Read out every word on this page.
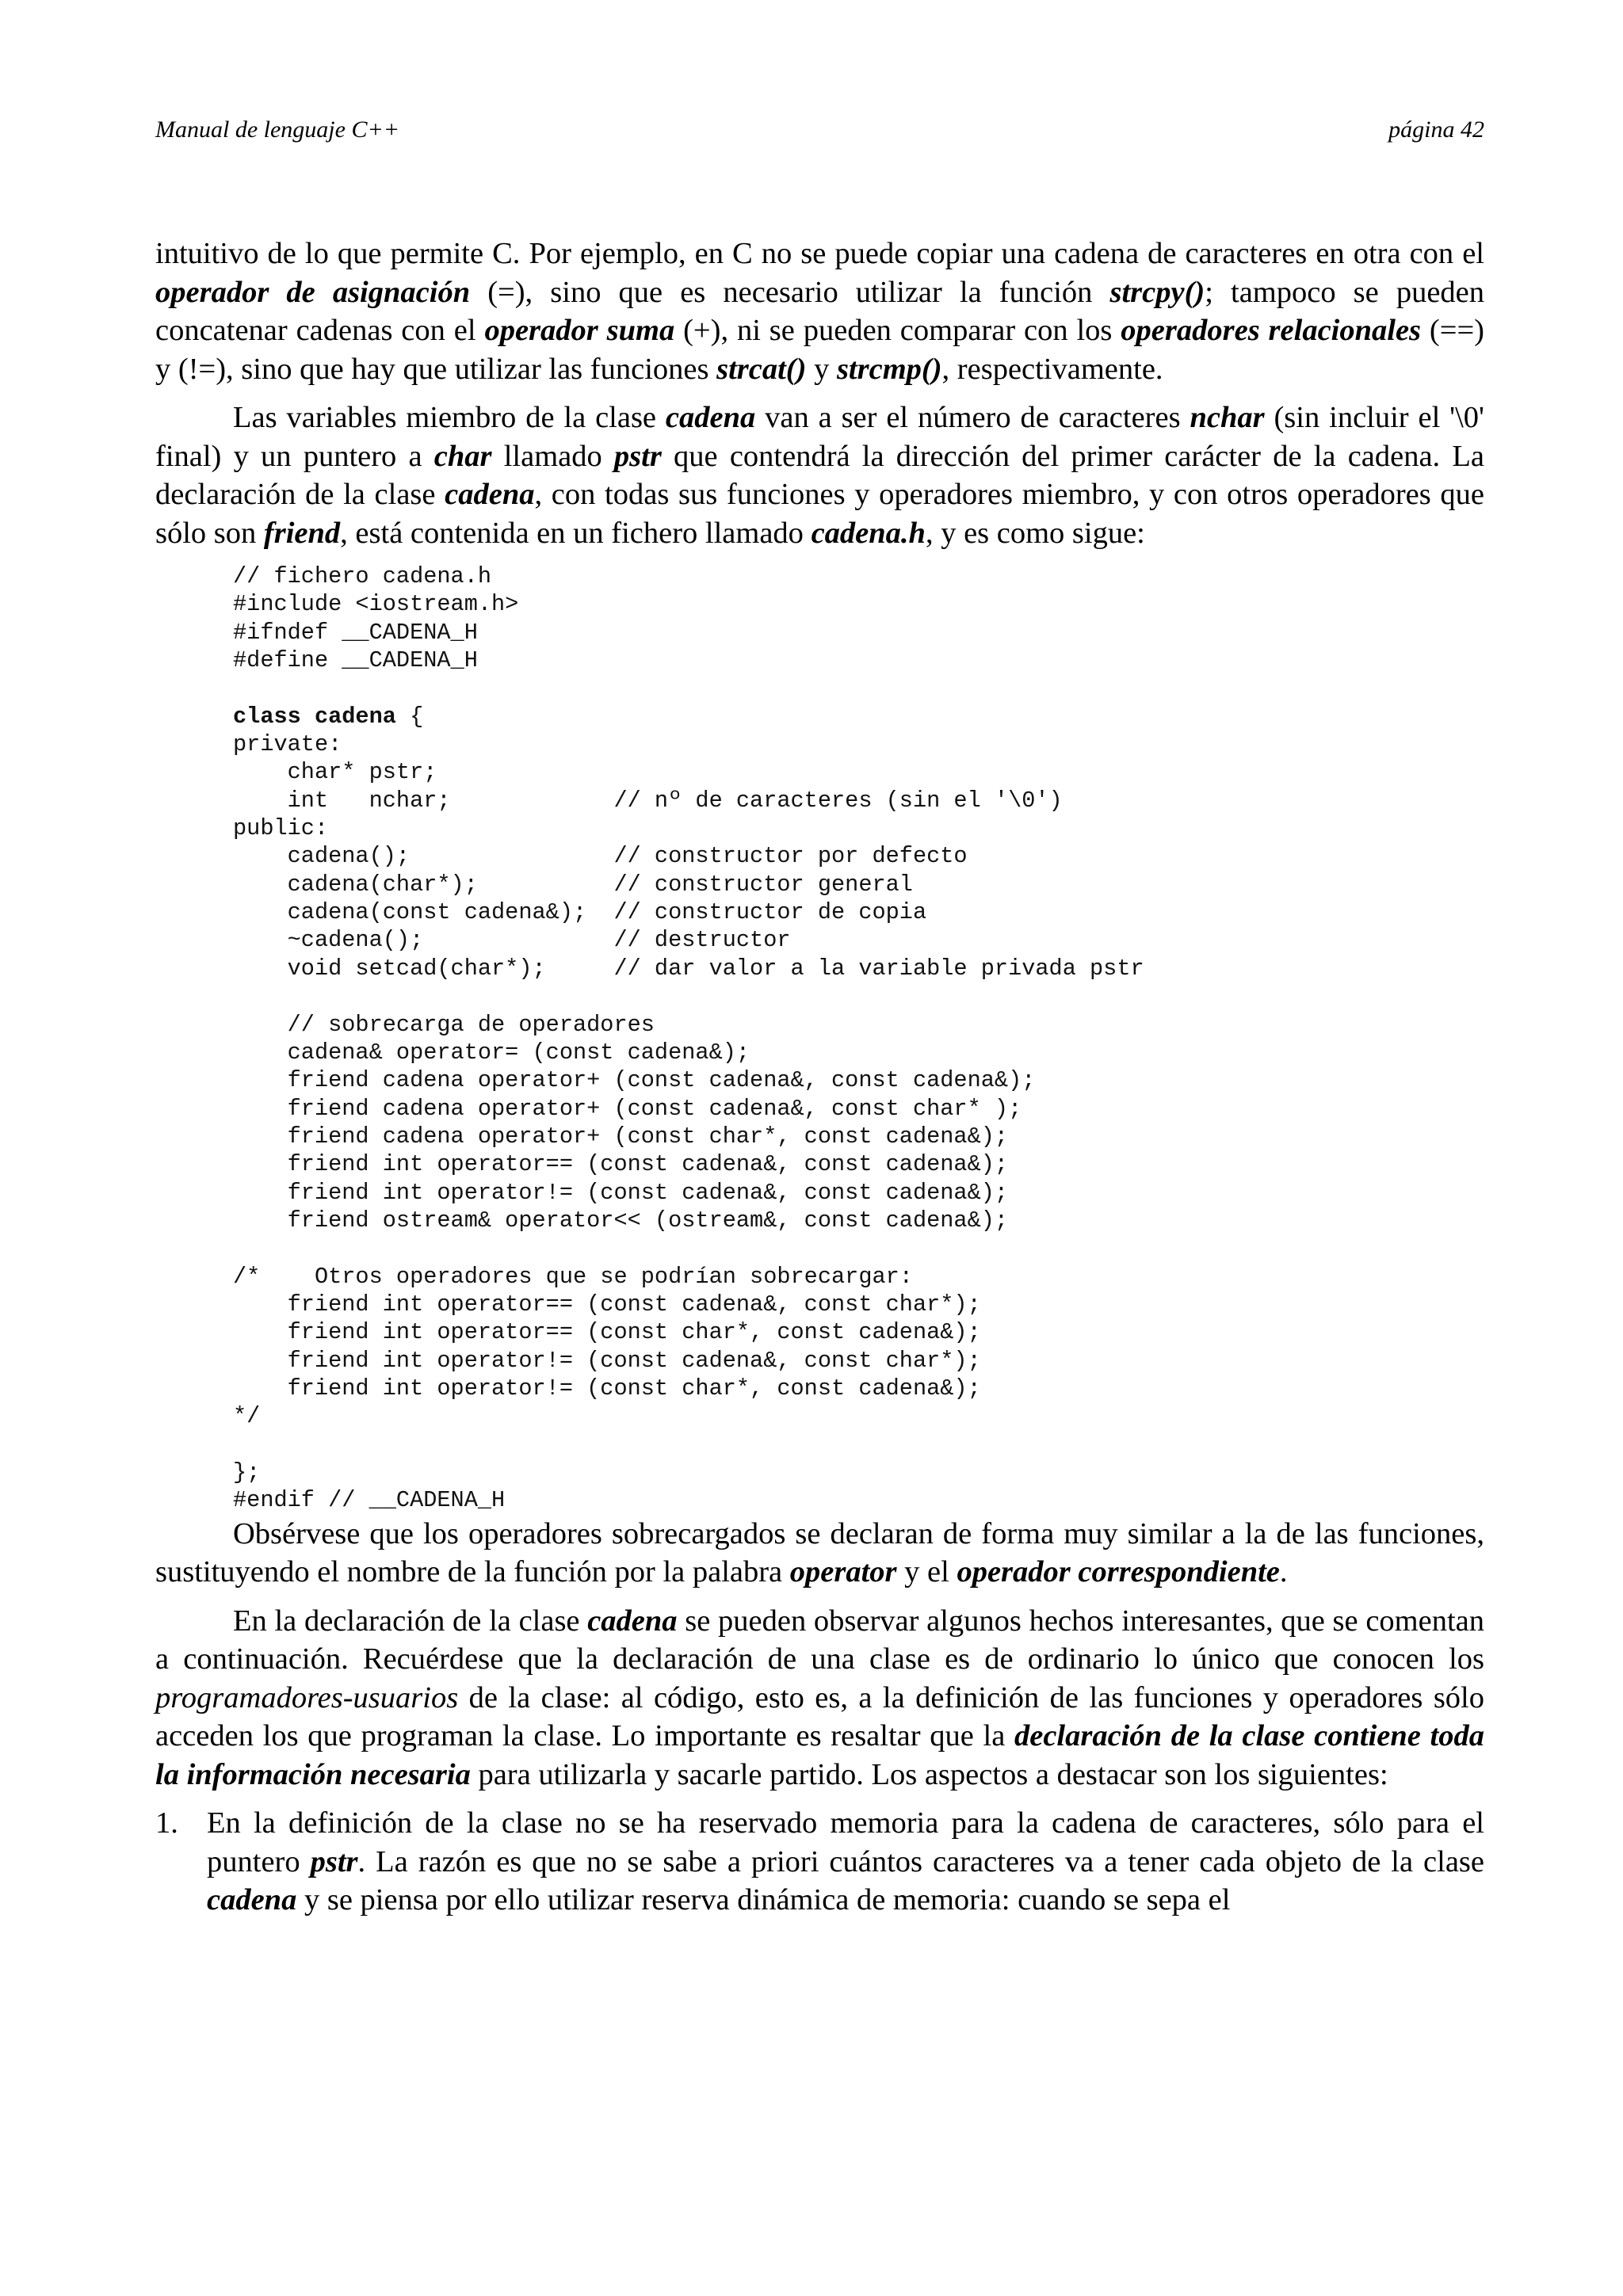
Manual de lenguaje C++	página 42

intuitivo de lo que permite C. Por ejemplo, en C no se puede copiar una cadena de caracteres en otra con el operador de asignación (=), sino que es necesario utilizar la función strcpy(); tampoco se pueden concatenar cadenas con el operador suma (+), ni se pueden comparar con los operadores relacionales (==) y (!=), sino que hay que utilizar las funciones strcat() y strcmp(), respectivamente.

Las variables miembro de la clase cadena van a ser el número de caracteres nchar (sin incluir el '\0' final) y un puntero a char llamado pstr que contendrá la dirección del primer carácter de la cadena. La declaración de la clase cadena, con todas sus funciones y operadores miembro, y con otros operadores que sólo son friend, está contenida en un fichero llamado cadena.h, y es como sigue:

// fichero cadena.h
#include <iostream.h>
#ifndef __CADENA_H
#define __CADENA_H
class cadena {
private:
char* pstr;
int   nchar;            // nº de caracteres (sin el '\0')
public:
cadena();               // constructor por defecto
cadena(char*);          // constructor general
cadena(const cadena&);  // constructor de copia
~cadena();              // destructor
void setcad(char*);     // dar valor a la variable privada pstr
// sobrecarga de operadores
cadena& operator= (const cadena&);
friend cadena operator+ (const cadena&, const cadena&);
friend cadena operator+ (const cadena&, const char* );
friend cadena operator+ (const char*, const cadena&);
friend int operator== (const cadena&, const cadena&);
friend int operator!= (const cadena&, const cadena&);
friend ostream& operator<< (ostream&, const cadena&);
/*    Otros operadores que se podrían sobrecargar:
friend int operator== (const cadena&, const char*);
friend int operator== (const char*, const cadena&);
friend int operator!= (const cadena&, const char*);
friend int operator!= (const char*, const cadena&);
*/
};
#endif // __CADENA_H

Obsérvese que los operadores sobrecargados se declaran de forma muy similar a la de las funciones, sustituyendo el nombre de la función por la palabra operator y el operador correspondiente.

En la declaración de la clase cadena se pueden observar algunos hechos interesantes, que se comentan a continuación. Recuérdese que la declaración de una clase es de ordinario lo único que conocen los programadores-usuarios de la clase: al código, esto es, a la definición de las funciones y operadores sólo acceden los que programan la clase. Lo importante es resaltar que la declaración de la clase contiene toda la información necesaria para utilizarla y sacarle partido. Los aspectos a destacar son los siguientes:

1. En la definición de la clase no se ha reservado memoria para la cadena de caracteres, sólo para el puntero pstr. La razón es que no se sabe a priori cuántos caracteres va a tener cada objeto de la clase cadena y se piensa por ello utilizar reserva dinámica de memoria: cuando se sepa el
